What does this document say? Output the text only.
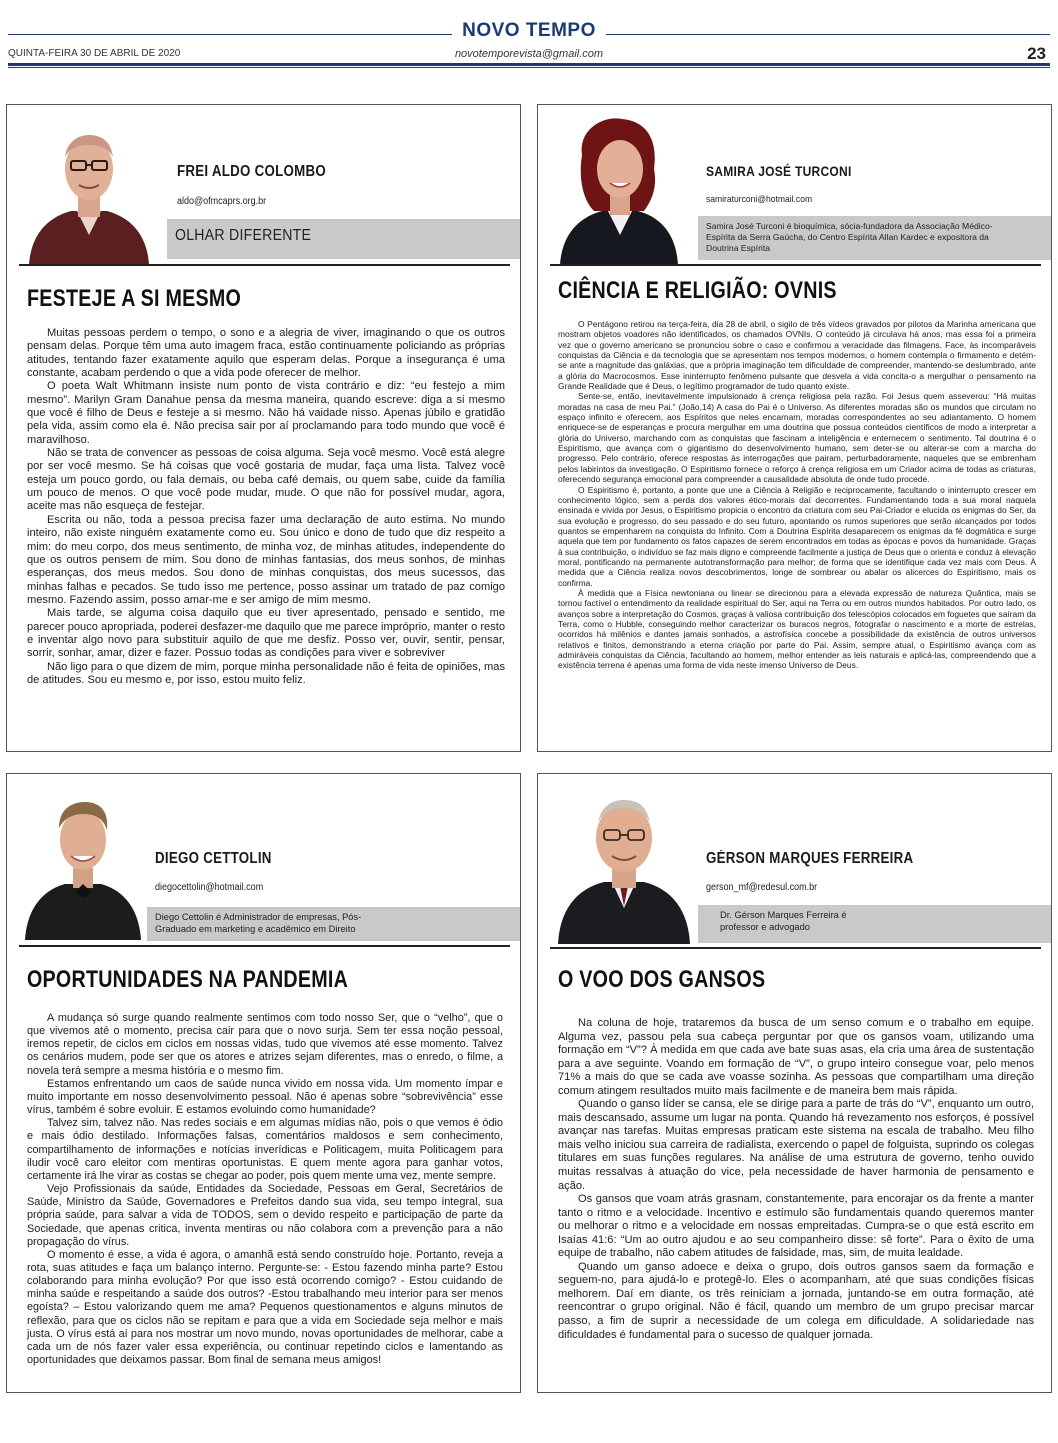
NOVO TEMPO
QUINTA-FEIRA 30 DE ABRIL DE 2020	novotemporevista@gmail.com	23
FREI ALDO COLOMBO
aldo@ofmcaprs.org.br
OLHAR DIFERENTE
FESTEJE A SI MESMO

Muitas pessoas perdem o tempo, o sono e a alegria de viver, imaginando o que os outros pensam delas. Porque têm uma auto imagem fraca, estão continuamente policiando as próprias atitudes, tentando fazer exatamente aquilo que esperam delas. Porque a insegurança é uma constante, acabam perdendo o que a vida pode oferecer de melhor.

O poeta Walt Whitmann insiste num ponto de vista contrário e diz: “eu festejo a mim mesmo”. Marilyn Gram Danahue pensa da mesma maneira, quando escreve: diga a si mesmo que você é filho de Deus e festeje a si mesmo. Não há vaidade nisso. Apenas júbilo e gratidão pela vida, assim como ela é. Não precisa sair por aí proclamando para todo mundo que você é maravilhoso.

Não se trata de convencer as pessoas de coisa alguma. Seja você mesmo. Você está alegre por ser você mesmo. Se há coisas que você gostaria de mudar, faça uma lista. Talvez você esteja um pouco gordo, ou fala demais, ou beba café demais, ou quem sabe, cuide da família um pouco de menos. O que você pode mudar, mude. O que não for possível mudar, agora, aceite mas não esqueça de festejar.

Escrita ou não, toda a pessoa precisa fazer uma declaração de auto estima. No mundo inteiro, não existe ninguém exatamente como eu. Sou único e dono de tudo que diz respeito a mim: do meu corpo, dos meus sentimento, de minha voz, de minhas atitudes, independente do que os outros pensem de mim. Sou dono de minhas fantasias, dos meus sonhos, de minhas esperanças, dos meus medos. Sou dono de minhas conquistas, dos meus sucessos, das minhas falhas e pecados. Se tudo isso me pertence, posso assinar um tratado de paz comigo mesmo. Fazendo assim, posso amar-me e ser amigo de mim mesmo.

Mais tarde, se alguma coisa daquilo que eu tiver apresentado, pensado e sentido, me parecer pouco apropriada, poderei desfazer-me daquilo que me parece impróprio, manter o resto e inventar algo novo para substituir aquilo de que me desfiz. Posso ver, ouvir, sentir, pensar, sorrir, sonhar, amar, dizer e fazer. Possuo todas as condições para viver e sobreviver

Não ligo para o que dizem de mim, porque minha personalidade não é feita de opiniões, mas de atitudes. Sou eu mesmo e, por isso, estou muito feliz.

SAMIRA JOSÉ TURCONI
samiraturconi@hotmail.com
Samira José Turconi é bioquímica, sócia-fundadora da Associação Médico-Espírita da Serra Gaúcha, do Centro Espírita Allan Kardec e expositora da Doutrina Espírita
CIÊNCIA E RELIGIÃO: OVNIS

O Pentágono retirou na terça-feira, dia 28 de abril, o sigilo de três vídeos gravados por pilotos da Marinha americana que mostram objetos voadores não identificados, os chamados OVNIs. O conteúdo já circulava há anos, mas essa foi a primeira vez que o governo americano se pronunciou sobre o caso e confirmou a veracidade das filmagens. Face, às incomparáveis conquistas da Ciência e da tecnologia que se apresentam nos tempos modernos, o homem contempla o firmamento e detém-se ante a magnitude das galáxias, que a própria imaginação tem dificuldade de compreender, mantendo-se deslumbrado, ante a glória do Macrocosmos. Esse ininterrupto fenômeno pulsante que desvela a vida concita-o a mergulhar o pensamento na Grande Realidade que é Deus, o legítimo programador de tudo quanto existe.

Sente-se, então, inevitavelmente impulsionado à crença religiosa pela razão. Foi Jesus quem asseverou: “Há muitas moradas na casa de meu Pai.” (João,14) A casa do Pai é o Universo. As diferentes moradas são os mundos que circulam no espaço infinito e oferecem, aos Espíritos que neles encarnam, moradas correspondentes ao seu adiantamento. O homem enriquece-se de esperanças e procura mergulhar em uma doutrina que possua conteúdos científicos de modo a interpretar a glória do Universo, marchando com as conquistas que fascinam a inteligência e enternecem o sentimento. Tal doutrina é o Espiritismo, que avança com o gigantismo do desenvolvimento humano, sem deter-se ou alterar-se com a marcha do progresso. Pelo contrário, oferece respostas às interrogações que pairam, perturbadoramente, naqueles que se embrenham pelos labirintos da investigação. O Espiritismo fornece o reforço à crença religiosa em um Criador acima de todas as criaturas, oferecendo segurança emocional para compreender a causalidade absoluta de onde tudo procede.

O Espiritismo é, portanto, a ponte que une a Ciência à Religião e reciprocamente, facultando o ininterrupto crescer em conhecimento lógico, sem a perda dos valores ético-morais daí decorrentes. Fundamentando toda a sua moral naquela ensinada e vivida por Jesus, o Espiritismo propicia o encontro da criatura com seu Pai-Criador e elucida os enigmas do Ser, da sua evolução e progresso, do seu passado e do seu futuro, apontando os rumos superiores que serão alcançados por todos quantos se empenharem na conquista do Infinito. Com a Doutrina Espírita desaparecem os enigmas da fé dogmática e surge aquela que tem por fundamento os fatos capazes de serem encontrados em todas as épocas e povos da humanidade. Graças à sua contribuição, o indivíduo se faz mais digno e compreende facilmente a justiça de Deus que o orienta e conduz à elevação moral, pontificando na permanente autotransformação para melhor; de forma que se identifique cada vez mais com Deus. À medida que a Ciência realiza novos descobrimentos, longe de sombrear ou abalar os alicerces do Espiritismo, mais os confirma.

À medida que a Física newtoniana ou linear se direcionou para a elevada expressão de natureza Quântica, mais se tornou factível o entendimento da realidade espiritual do Ser, aqui na Terra ou em outros mundos habitados. Por outro lado, os avanços sobre a interpretação do Cosmos, graças à valiosa contribuição dos telescópios colocados em foguetes que saíram da Terra, como o Hubble, conseguindo melhor caracterizar os buracos negros, fotografar o nascimento e a morte de estrelas, ocorridos há milênios e dantes jamais sonhados, a astrofísica concebe a possibilidade da existência de outros universos relativos e finitos, demonstrando a eterna criação por parte do Pai. Assim, sempre atual, o Espiritismo avança com as admiráveis conquistas da Ciência, facultando ao homem, melhor entender as leis naturais e aplicá-las, compreendendo que a existência terrena é apenas uma forma de vida neste imenso Universo de Deus.

DIEGO CETTOLIN
diegocettolin@hotmail.com
Diego Cettolin é Administrador de empresas, Pós-Graduado em marketing e acadêmico em Direito
OPORTUNIDADES NA PANDEMIA

A mudança só surge quando realmente sentimos com todo nosso Ser, que o “velho”, que o que vivemos até o momento, precisa cair para que o novo surja. Sem ter essa noção pessoal, iremos repetir, de ciclos em ciclos em nossas vidas, tudo que vivemos até esse momento. Talvez os cenários mudem, pode ser que os atores e atrizes sejam diferentes, mas o enredo, o filme, a novela terá sempre a mesma história e o mesmo fim.

Estamos enfrentando um caos de saúde nunca vivido em nossa vida. Um momento ímpar e muito importante em nosso desenvolvimento pessoal. Não é apenas sobre “sobrevivência” esse vírus, também é sobre evoluir. E estamos evoluindo como humanidade?

Talvez sim, talvez não. Nas redes sociais e em algumas mídias não, pois o que vemos é ódio e mais ódio destilado. Informações falsas, comentários maldosos e sem conhecimento, compartilhamento de informações e notícias inverídicas e Politicagem, muita Politicagem para iludir você caro eleitor com mentiras oportunistas. E quem mente agora para ganhar votos, certamente irá lhe virar as costas se chegar ao poder, pois quem mente uma vez, mente sempre.

Vejo Profissionais da saúde, Entidades da Sociedade, Pessoas em Geral, Secretários de Saúde, Ministro da Saúde, Governadores e Prefeitos dando sua vida, seu tempo integral, sua própria saúde, para salvar a vida de TODOS, sem o devido respeito e participação de parte da Sociedade, que apenas critica, inventa mentiras ou não colabora com a prevenção para a não propagação do vírus.

O momento é esse, a vida é agora, o amanhã está sendo construído hoje. Portanto, reveja a rota, suas atitudes e faça um balanço interno. Pergunte-se: - Estou fazendo minha parte? Estou colaborando para minha evolução? Por que isso está ocorrendo comigo? - Estou cuidando de minha saúde e respeitando a saúde dos outros? -Estou trabalhando meu interior para ser menos egoísta? – Estou valorizando quem me ama? Pequenos questionamentos e alguns minutos de reflexão, para que os ciclos não se repitam e para que a vida em Sociedade seja melhor e mais justa. O vírus está aí para nos mostrar um novo mundo, novas oportunidades de melhorar, cabe a cada um de nós fazer valer essa experiência, ou continuar repetindo ciclos e lamentando as oportunidades que deixamos passar. Bom final de semana meus amigos!

GÉRSON MARQUES FERREIRA
gerson_mf@redesul.com.br
Dr. Gérson Marques Ferreira é professor e advogado
O VOO DOS GANSOS

Na coluna de hoje, trataremos da busca de um senso comum e o trabalho em equipe. Alguma vez, passou pela sua cabeça perguntar por que os gansos voam, utilizando uma formação em “V”? À medida em que cada ave bate suas asas, ela cria uma área de sustentação para a ave seguinte. Voando em formação de “V”, o grupo inteiro consegue voar, pelo menos 71% a mais do que se cada ave voasse sozinha. As pessoas que compartilham uma direção comum atingem resultados muito mais facilmente e de maneira bem mais rápida.

Quando o ganso líder se cansa, ele se dirige para a parte de trás do “V”, enquanto um outro, mais descansado, assume um lugar na ponta. Quando há revezamento nos esforços, é possível avançar nas tarefas. Muitas empresas praticam este sistema na escala de trabalho. Meu filho mais velho iniciou sua carreira de radialista, exercendo o papel de folguista, suprindo os colegas titulares em suas funções regulares. Na análise de uma estrutura de governo, tenho ouvido muitas ressalvas à atuação do vice, pela necessidade de haver harmonia de pensamento e ação.

Os gansos que voam atrás grasnam, constantemente, para encorajar os da frente a manter tanto o ritmo e a velocidade. Incentivo e estímulo são fundamentais quando queremos manter ou melhorar o ritmo e a velocidade em nossas empreitadas. Cumpra-se o que está escrito em Isaías 41:6: “Um ao outro ajudou e ao seu companheiro disse: sê forte”. Para o êxito de uma equipe de trabalho, não cabem atitudes de falsidade, mas, sim, de muita lealdade.

Quando um ganso adoece e deixa o grupo, dois outros gansos saem da formação e seguem-no, para ajudá-lo e protegê-lo. Eles o acompanham, até que suas condições físicas melhorem. Daí em diante, os três reiniciam a jornada, juntando-se em outra formação, até reencontrar o grupo original. Não é fácil, quando um membro de um grupo precisar marcar passo, a fim de suprir a necessidade de um colega em dificuldade. A solidariedade nas dificuldades é fundamental para o sucesso de qualquer jornada.
